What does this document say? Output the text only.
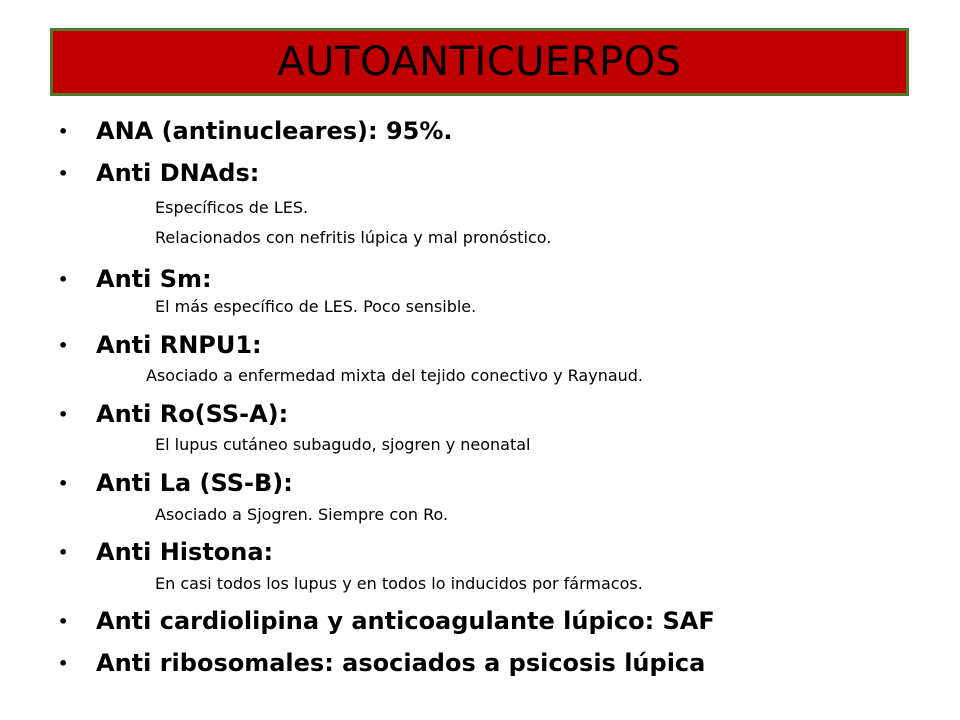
AUTOANTICUERPOS
• ANA (antinucleares): 95%.
• Anti DNAds:
Específicos de LES.
Relacionados con nefritis lúpica y mal pronóstico.
• Anti Sm:
El más específico de LES. Poco sensible.
• Anti RNPU1:
Asociado a enfermedad mixta del tejido conectivo y Raynaud.
• Anti Ro(SS-A):
El lupus cutáneo subagudo, sjogren y neonatal
• Anti La (SS-B):
Asociado a Sjogren. Siempre con Ro.
• Anti Histona:
En casi todos los lupus y en todos lo inducidos por fármacos.
• Anti cardiolipina y anticoagulante lúpico: SAF
• Anti ribosomales: asociados a psicosis lúpica
